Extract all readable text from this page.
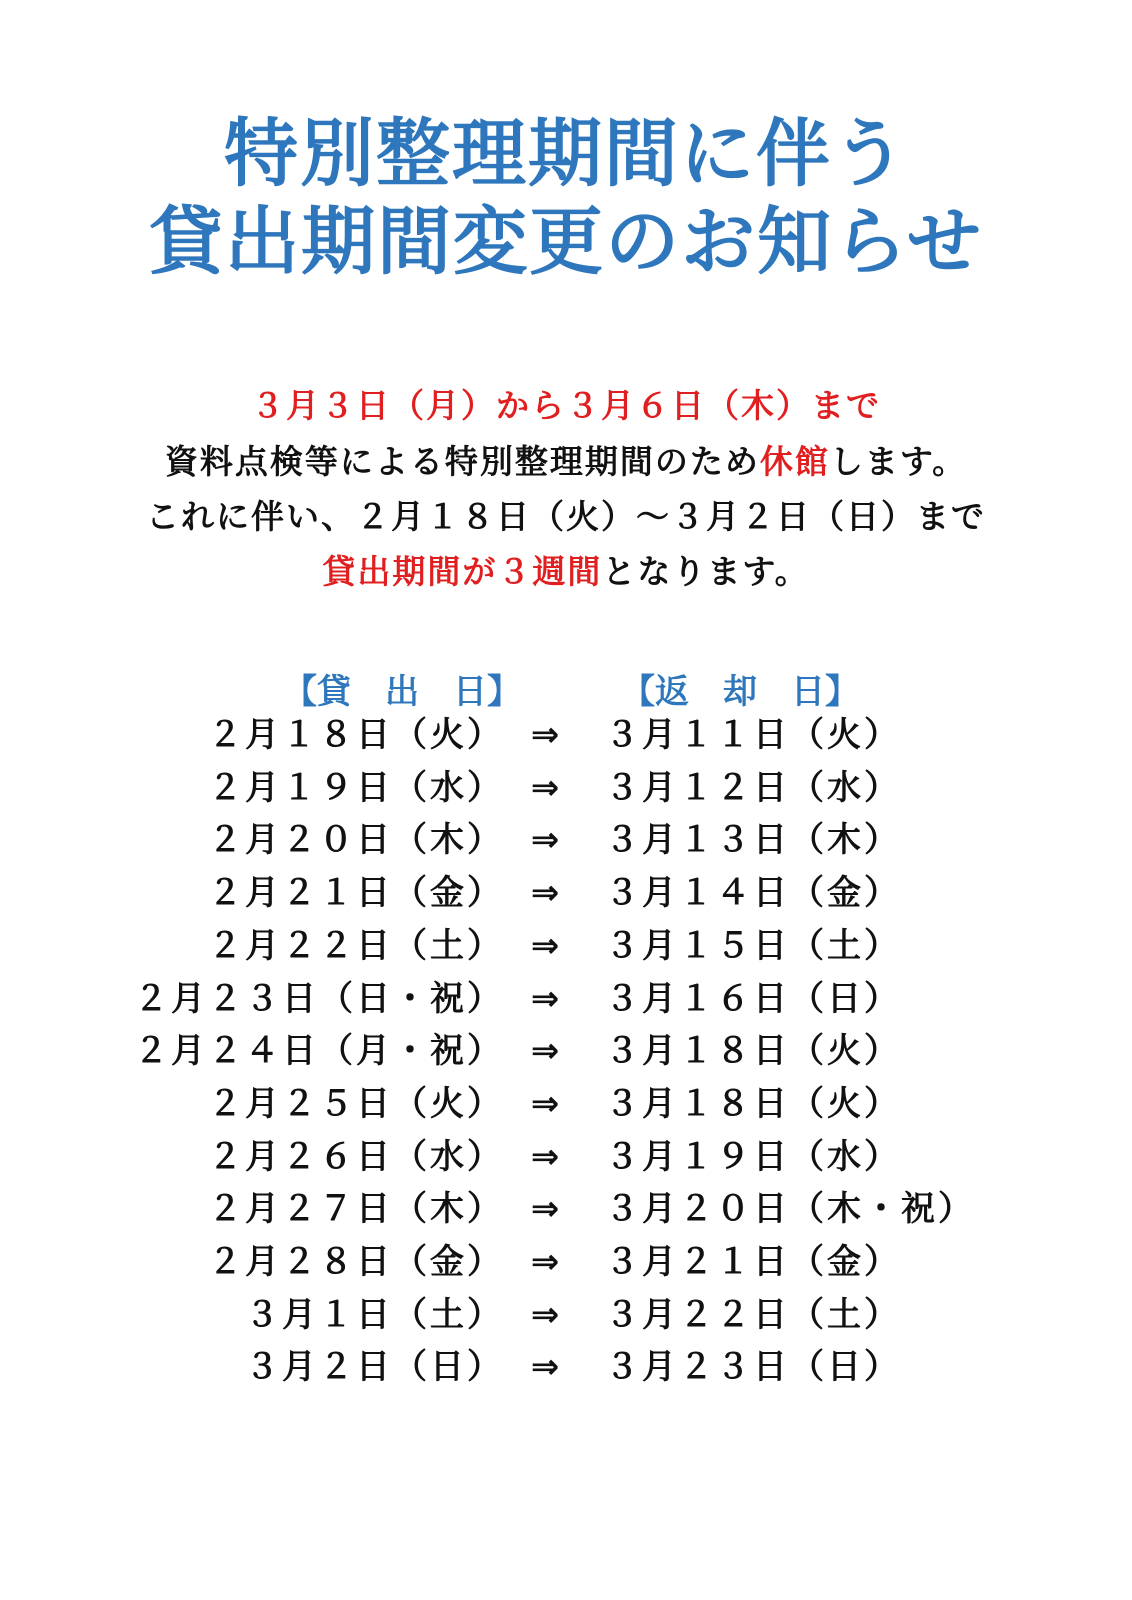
特別整理期間に伴う
貸出期間変更のお知らせ
３月３日（月）から３月６日（木）まで
資料点検等による特別整理期間のため休館します。
これに伴い、２月１８日（火）～３月２日（日）まで
貸出期間が３週間となります。
【貸　出　日】	【返　却　日】
２月１８日（火） ⇒	３月１１日（火）
２月１９日（水） ⇒	３月１２日（水）
２月２０日（木） ⇒	３月１３日（木）
２月２１日（金） ⇒	３月１４日（金）
２月２２日（土） ⇒	３月１５日（土）
２月２３日（日・祝） ⇒	３月１６日（日）
２月２４日（月・祝） ⇒	３月１８日（火）
２月２５日（火） ⇒	３月１８日（火）
２月２６日（水） ⇒	３月１９日（水）
２月２７日（木） ⇒	３月２０日（木・祝）
２月２８日（金） ⇒	３月２１日（金）
３月１日（土） ⇒	３月２２日（土）
３月２日（日） ⇒	３月２３日（日）
